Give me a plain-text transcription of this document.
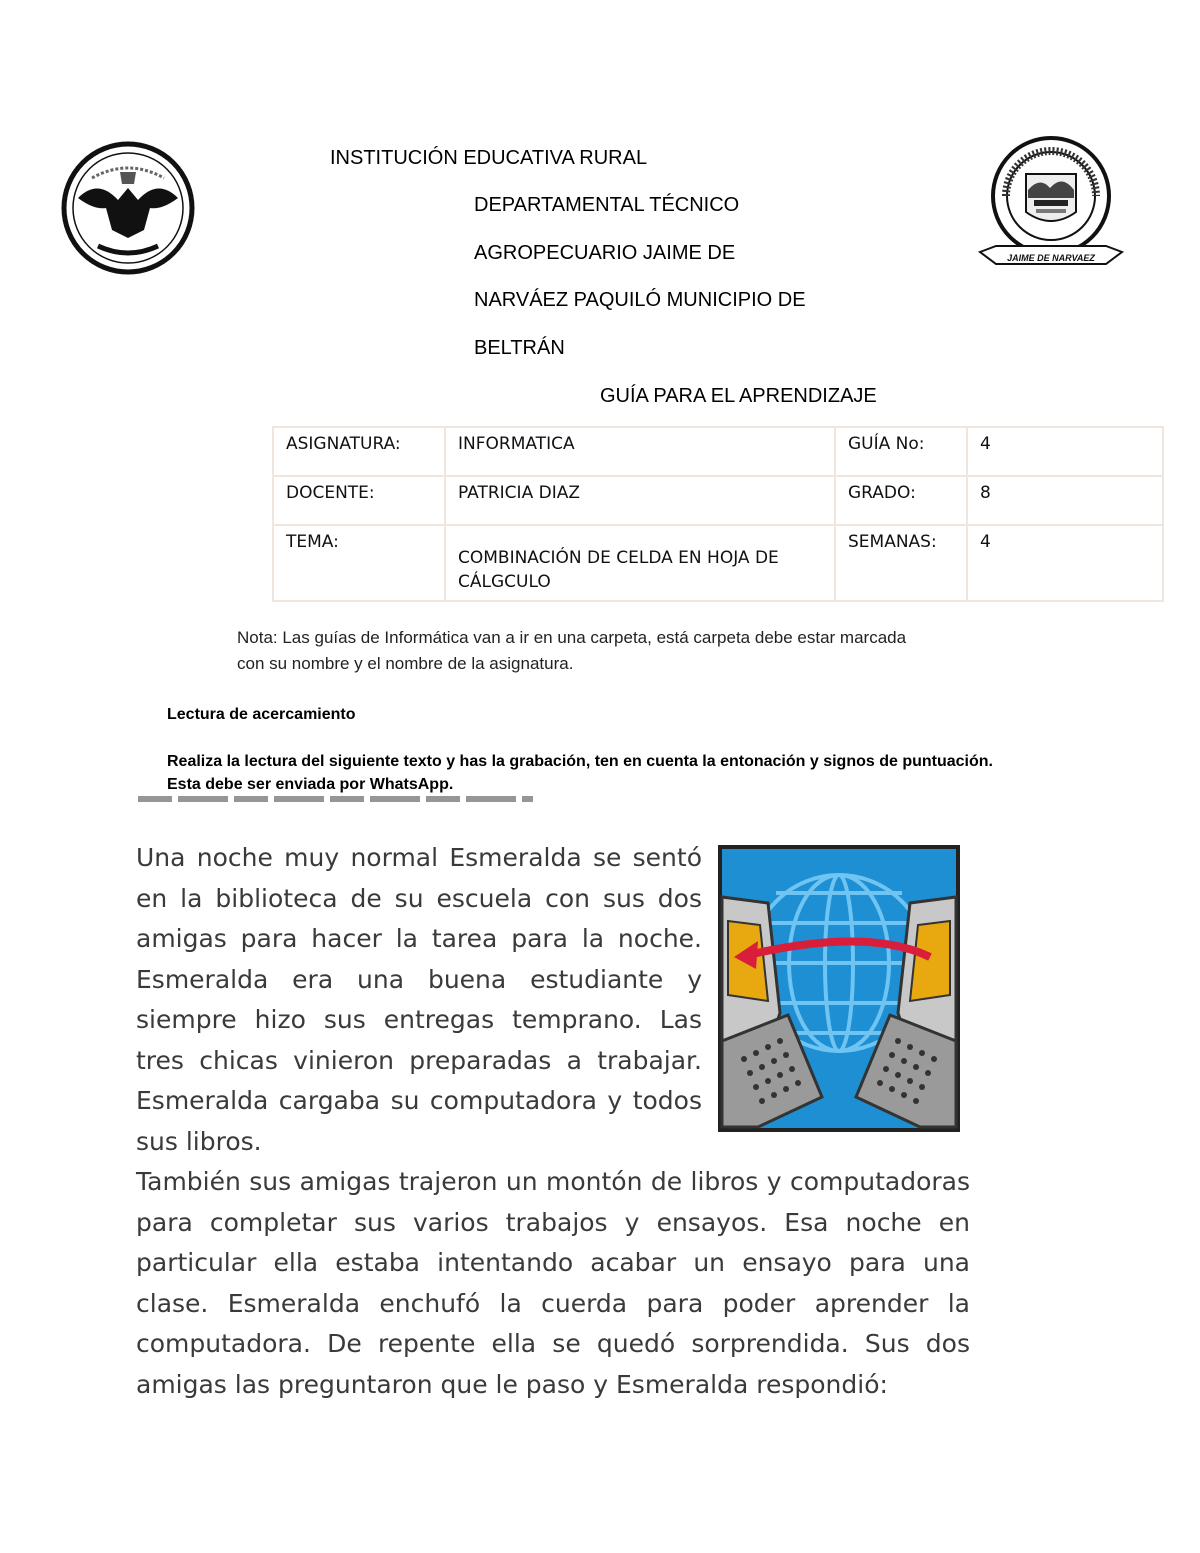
JAIME DE NARVAEZ
INSTITUCIÓN EDUCATIVA RURAL
DEPARTAMENTAL TÉCNICO
AGROPECUARIO JAIME DE
NARVÁEZ PAQUILÓ MUNICIPIO DE
BELTRÁN
GUÍA PARA EL APRENDIZAJE
ASIGNATURA:	INFORMATICA	GUÍA No:	4
DOCENTE:	PATRICIA DIAZ	GRADO:	8
TEMA:	COMBINACIÓN DE CELDA EN HOJA DE CÁLGCULO	SEMANAS:	4
Nota: Las guías de Informática van a ir en una carpeta, está carpeta debe estar marcada con su nombre y el nombre de la asignatura.
Lectura de acercamiento
Realiza la lectura del siguiente texto y has la grabación, ten en cuenta la entonación y signos de puntuación. Esta debe ser enviada por WhatsApp.
Una noche muy normal Esmeralda se sentó en la biblioteca de su escuela con sus dos amigas para hacer la tarea para la noche. Esmeralda era una buena estudiante y siempre hizo sus entregas temprano. Las tres chicas vinieron preparadas a trabajar. Esmeralda cargaba su computadora y todos sus libros.
También sus amigas trajeron un montón de libros y computadoras para completar sus varios trabajos y ensayos. Esa noche en particular ella estaba intentando acabar un ensayo para una clase. Esmeralda enchufó la cuerda para poder aprender la computadora. De repente ella se quedó sorprendida. Sus dos amigas las preguntaron que le paso y Esmeralda respondió:
